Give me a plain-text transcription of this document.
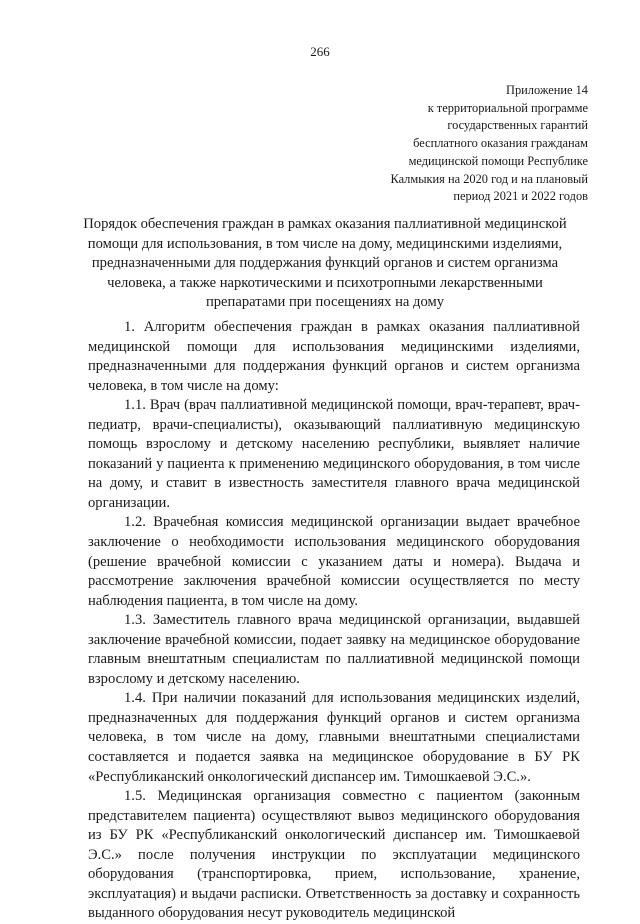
266
Приложение 14
к территориальной программе
государственных гарантий
бесплатного оказания гражданам
медицинской помощи Республике
Калмыкия на 2020 год и на плановый
период 2021 и 2022 годов
Порядок обеспечения граждан в рамках оказания паллиативной медицинской
помощи для использования, в том числе на дому, медицинскими изделиями,
предназначенными для поддержания функций органов и систем организма
человека, а также наркотическими и психотропными лекарственными
препаратами при посещениях на дому

1. Алгоритм обеспечения граждан в рамках оказания паллиативной медицинской помощи для использования медицинскими изделиями, предназначенными для поддержания функций органов и систем организма человека, в том числе на дому:

1.1. Врач (врач паллиативной медицинской помощи, врач-терапевт, врач-педиатр, врачи-специалисты), оказывающий паллиативную медицинскую помощь взрослому и детскому населению республики, выявляет наличие показаний у пациента к применению медицинского оборудования, в том числе на дому, и ставит в известность заместителя главного врача медицинской организации.

1.2. Врачебная комиссия медицинской организации выдает врачебное заключение о необходимости использования медицинского оборудования (решение врачебной комиссии с указанием даты и номера). Выдача и рассмотрение заключения врачебной комиссии осуществляется по месту наблюдения пациента, в том числе на дому.

1.3. Заместитель главного врача медицинской организации, выдавшей заключение врачебной комиссии, подает заявку на медицинское оборудование главным внештатным специалистам по паллиативной медицинской помощи взрослому и детскому населению.

1.4. При наличии показаний для использования медицинских изделий, предназначенных для поддержания функций органов и систем организма человека, в том числе на дому, главными внештатными специалистами составляется и подается заявка на медицинское оборудование в БУ РК «Республиканский онкологический диспансер им. Тимошкаевой Э.С.».

1.5. Медицинская организация совместно с пациентом (законным представителем пациента) осуществляют вывоз медицинского оборудования из БУ РК «Республиканский онкологический диспансер им. Тимошкаевой Э.С.» после получения инструкции по эксплуатации медицинского оборудования (транспортировка, прием, использование, хранение, эксплуатация) и выдачи расписки. Ответственность за доставку и сохранность выданного оборудования несут руководитель медицинской
